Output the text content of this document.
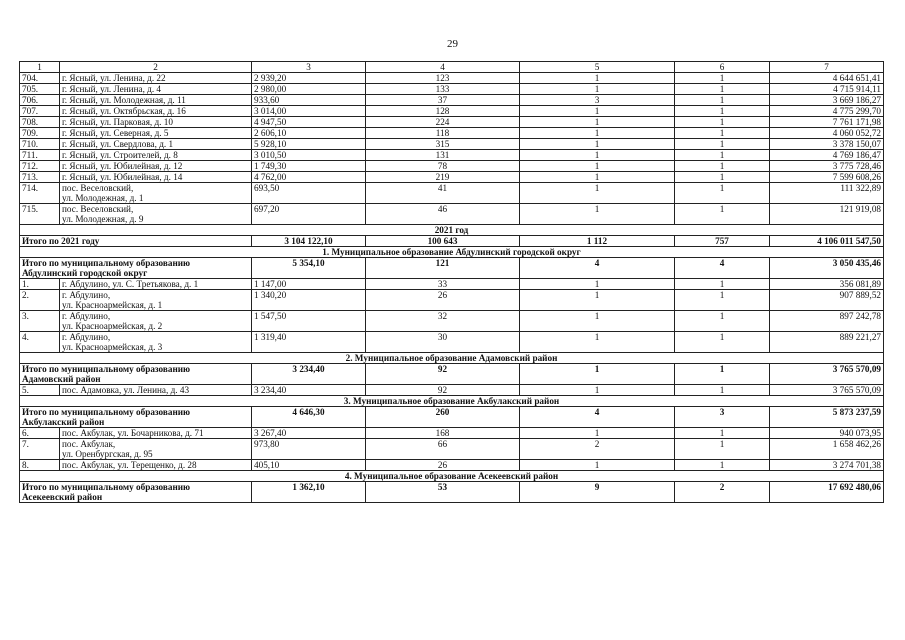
29
1	2	3	4	5	6	7
704.	г. Ясный, ул. Ленина, д. 22	2 939,20	123	1	1	4 644 651,41
705.	г. Ясный, ул. Ленина, д. 4	2 980,00	133	1	1	4 715 914,11
706.	г. Ясный, ул. Молодежная, д. 11	933,60	37	3	1	3 669 186,27
707.	г. Ясный, ул. Октябрьская, д. 16	3 014,00	128	1	1	4 775 299,70
708.	г. Ясный, ул. Парковая, д. 10	4 947,50	224	1	1	7 761 171,98
709.	г. Ясный, ул. Северная, д. 5	2 606,10	118	1	1	4 060 052,72
710.	г. Ясный, ул. Свердлова, д. 1	5 928,10	315	1	1	3 378 150,07
711.	г. Ясный, ул. Строителей, д. 8	3 010,50	131	1	1	4 769 186,47
712.	г. Ясный, ул. Юбилейная, д. 12	1 749,30	78	1	1	3 775 728,46
713.	г. Ясный, ул. Юбилейная, д. 14	4 762,00	219	1	1	7 599 608,26
714.	пос. Веселовский,
ул. Молодежная, д. 1	693,50	41	1	1	111 322,89
715.	пос. Веселовский,
ул. Молодежная, д. 9	697,20	46	1	1	121 919,08
2021 год						
Итого по 2021 году		3 104 122,10	100 643	1 112	757	4 106 011 547,50
1. Муниципальное образование Абдулинский городской округ						

Итого по муниципальному образованию
Абдулинский городской округ		5 354,10	121	4	4	3 050 435,46
1.	г. Абдулино, ул. С. Третьякова, д. 1	1 147,00	33	1	1	356 081,89
2.	г. Абдулино,
ул. Красноармейская, д. 1	1 340,20	26	1	1	907 889,52
3.	г. Абдулино,
ул. Красноармейская, д. 2	1 547,50	32	1	1	897 242,78
4.	г. Абдулино,
ул. Красноармейская, д. 3	1 319,40	30	1	1	889 221,27
2. Муниципальное образование Адамовский район						

Итого по муниципальному образованию
Адамовский район		3 234,40	92	1	1	3 765 570,09
5.	пос. Адамовка, ул. Ленина, д. 43	3 234,40	92	1	1	3 765 570,09
3. Муниципальное образование Акбулакский район						

Итого по муниципальному образованию
Акбулакский район		4 646,30	260	4	3	5 873 237,59
6.	пос. Акбулак, ул. Бочарникова, д. 71	3 267,40	168	1	1	940 073,95
7.	пос. Акбулак,
ул. Оренбургская, д. 95	973,80	66	2	1	1 658 462,26
8.	пос. Акбулак, ул. Терещенко, д. 28	405,10	26	1	1	3 274 701,38
4. Муниципальное образование Асекеевский район						

Итого по муниципальному образованию
Асекеевский район		1 362,10	53	9	2	17 692 480,06
